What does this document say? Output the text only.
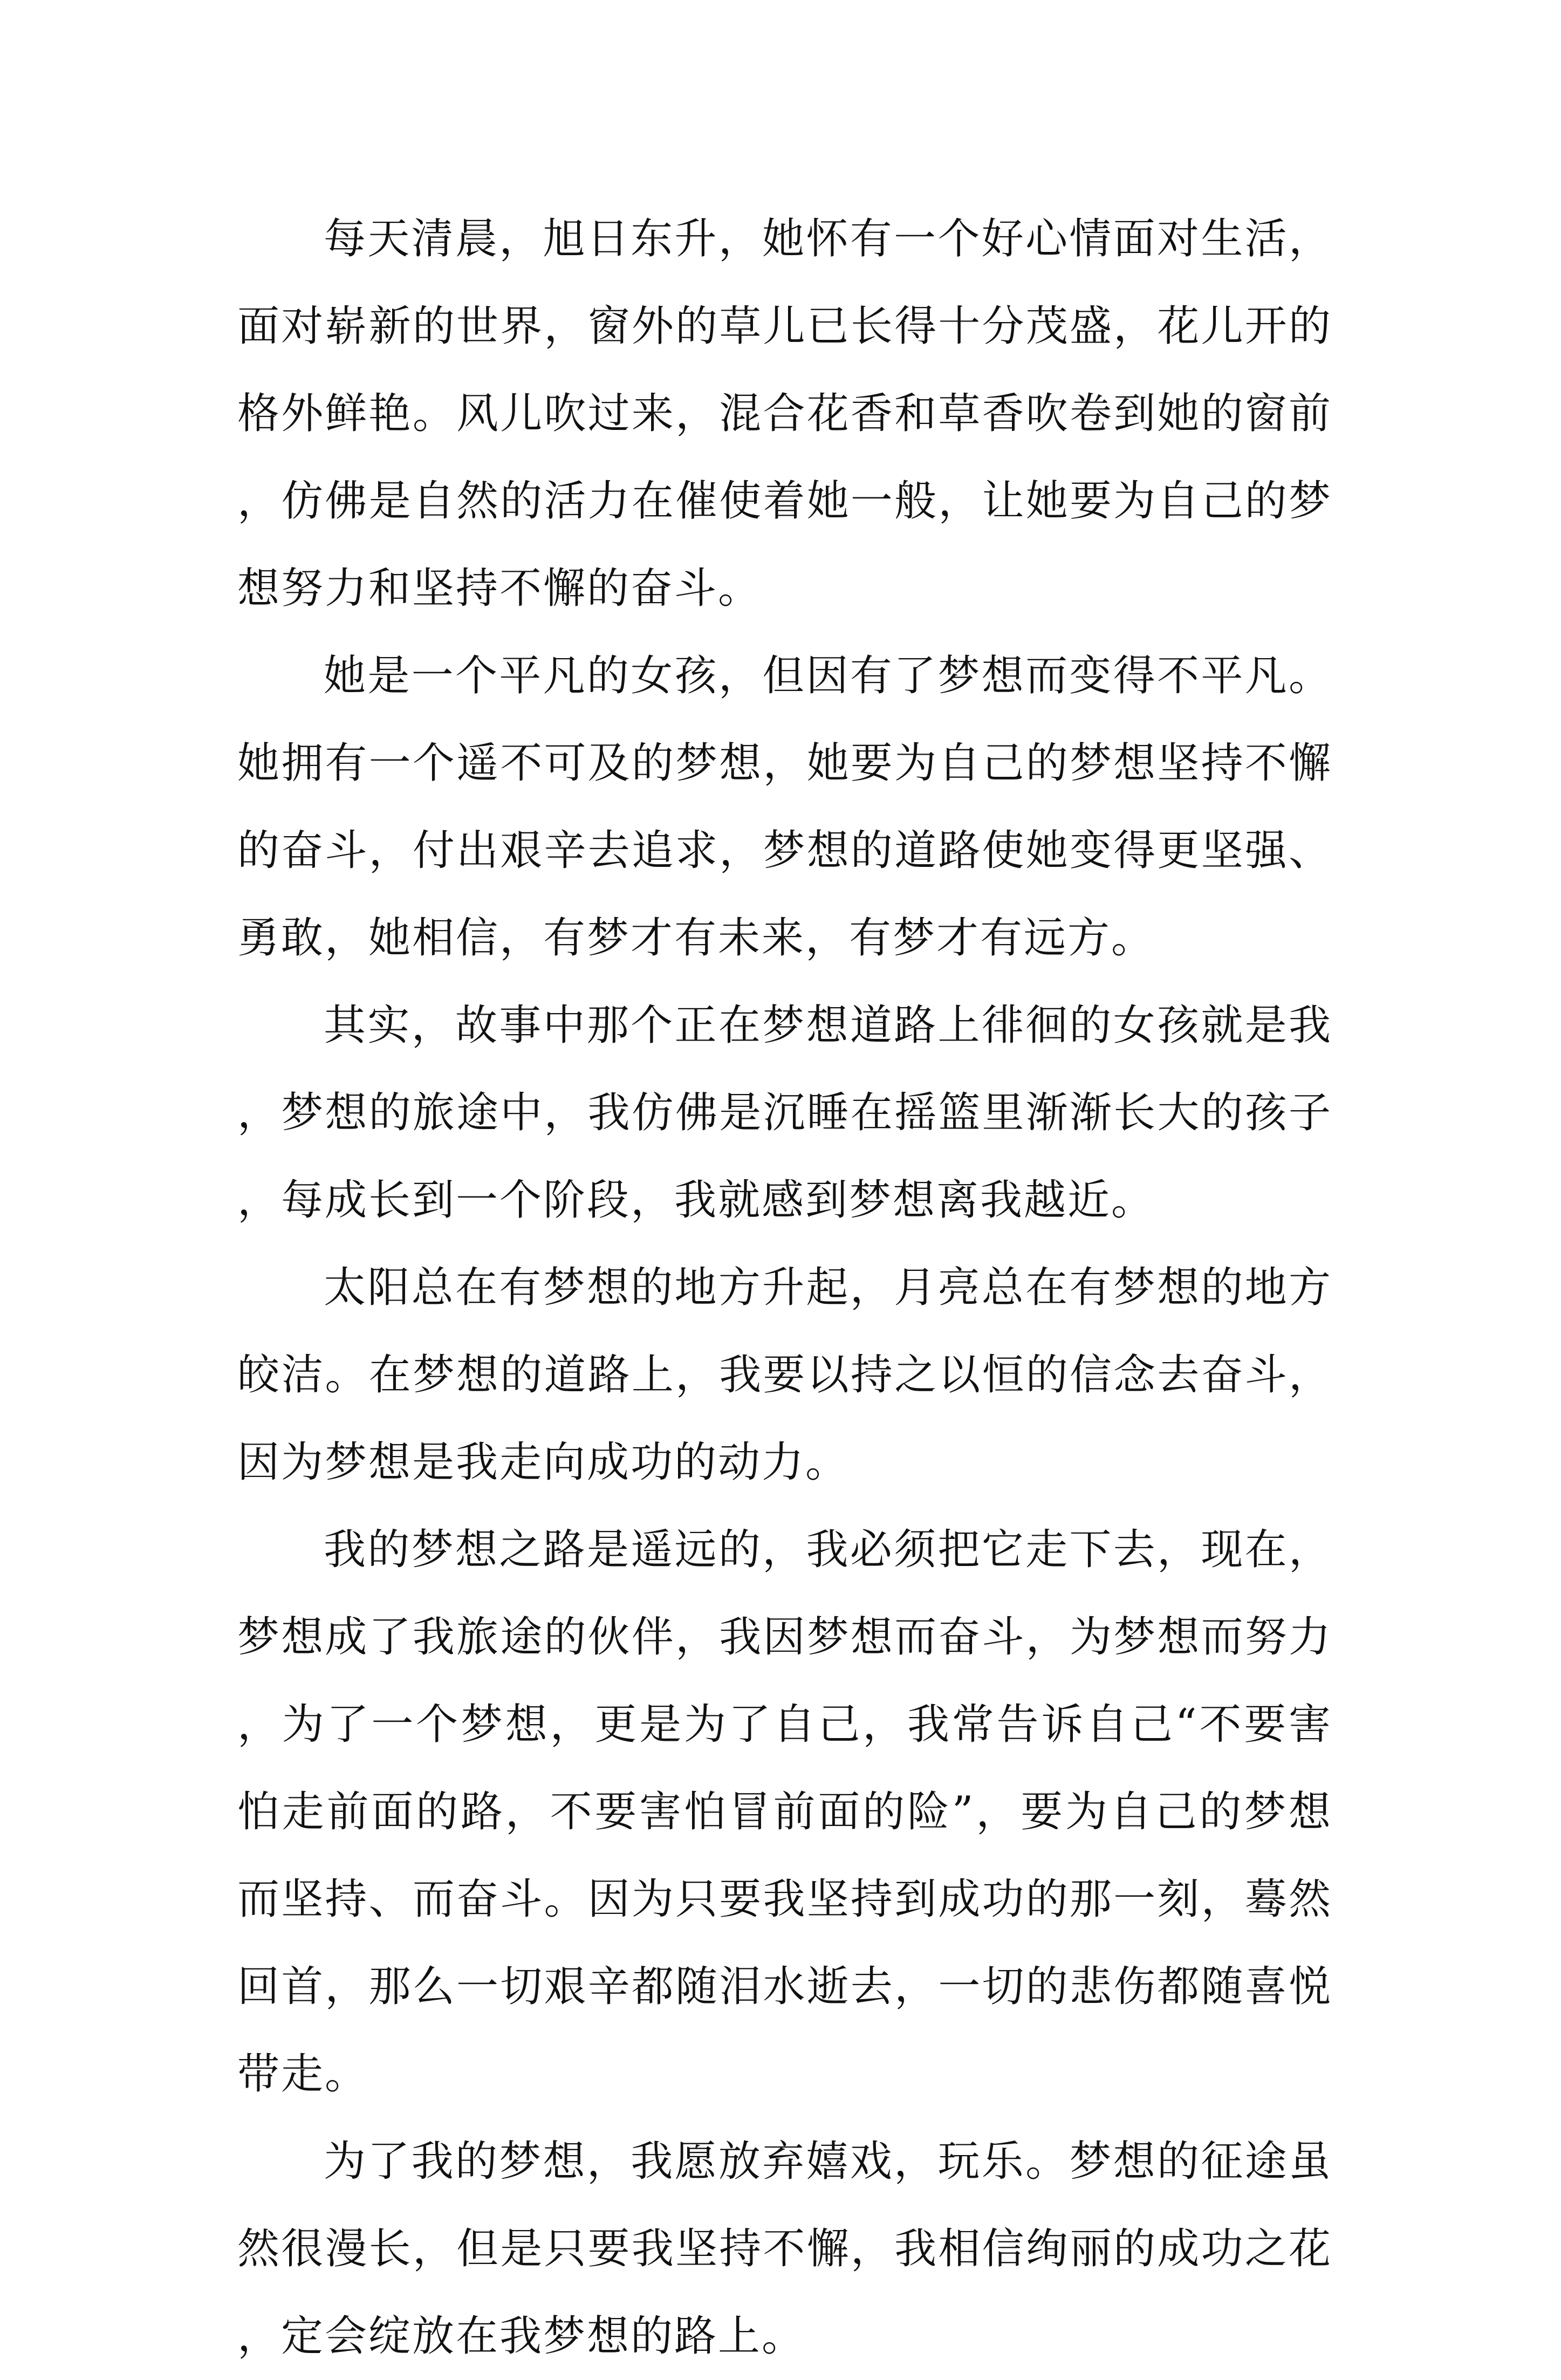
每天清晨，旭日东升，她怀有一个好心情面对生活，面对崭新的世界，窗外的草儿已长得十分茂盛，花儿开的格外鲜艳。风儿吹过来，混合花香和草香吹卷到她的窗前，仿佛是自然的活力在催使着她一般，让她要为自己的梦想努力和坚持不懈的奋斗。

她是一个平凡的女孩，但因有了梦想而变得不平凡。她拥有一个遥不可及的梦想，她要为自己的梦想坚持不懈的奋斗，付出艰辛去追求，梦想的道路使她变得更坚强、勇敢，她相信，有梦才有未来，有梦才有远方。

其实，故事中那个正在梦想道路上徘徊的女孩就是我，梦想的旅途中，我仿佛是沉睡在摇篮里渐渐长大的孩子，每成长到一个阶段，我就感到梦想离我越近。

太阳总在有梦想的地方升起，月亮总在有梦想的地方皎洁。在梦想的道路上，我要以持之以恒的信念去奋斗，因为梦想是我走向成功的动力。

我的梦想之路是遥远的，我必须把它走下去，现在，梦想成了我旅途的伙伴，我因梦想而奋斗，为梦想而努力，为了一个梦想，更是为了自己，我常告诉自己“不要害怕走前面的路，不要害怕冒前面的险”，要为自己的梦想而坚持、而奋斗。因为只要我坚持到成功的那一刻，蓦然回首，那么一切艰辛都随泪水逝去，一切的悲伤都随喜悦带走。

为了我的梦想，我愿放弃嬉戏，玩乐。梦想的征途虽然很漫长，但是只要我坚持不懈，我相信绚丽的成功之花，定会绽放在我梦想的路上。
